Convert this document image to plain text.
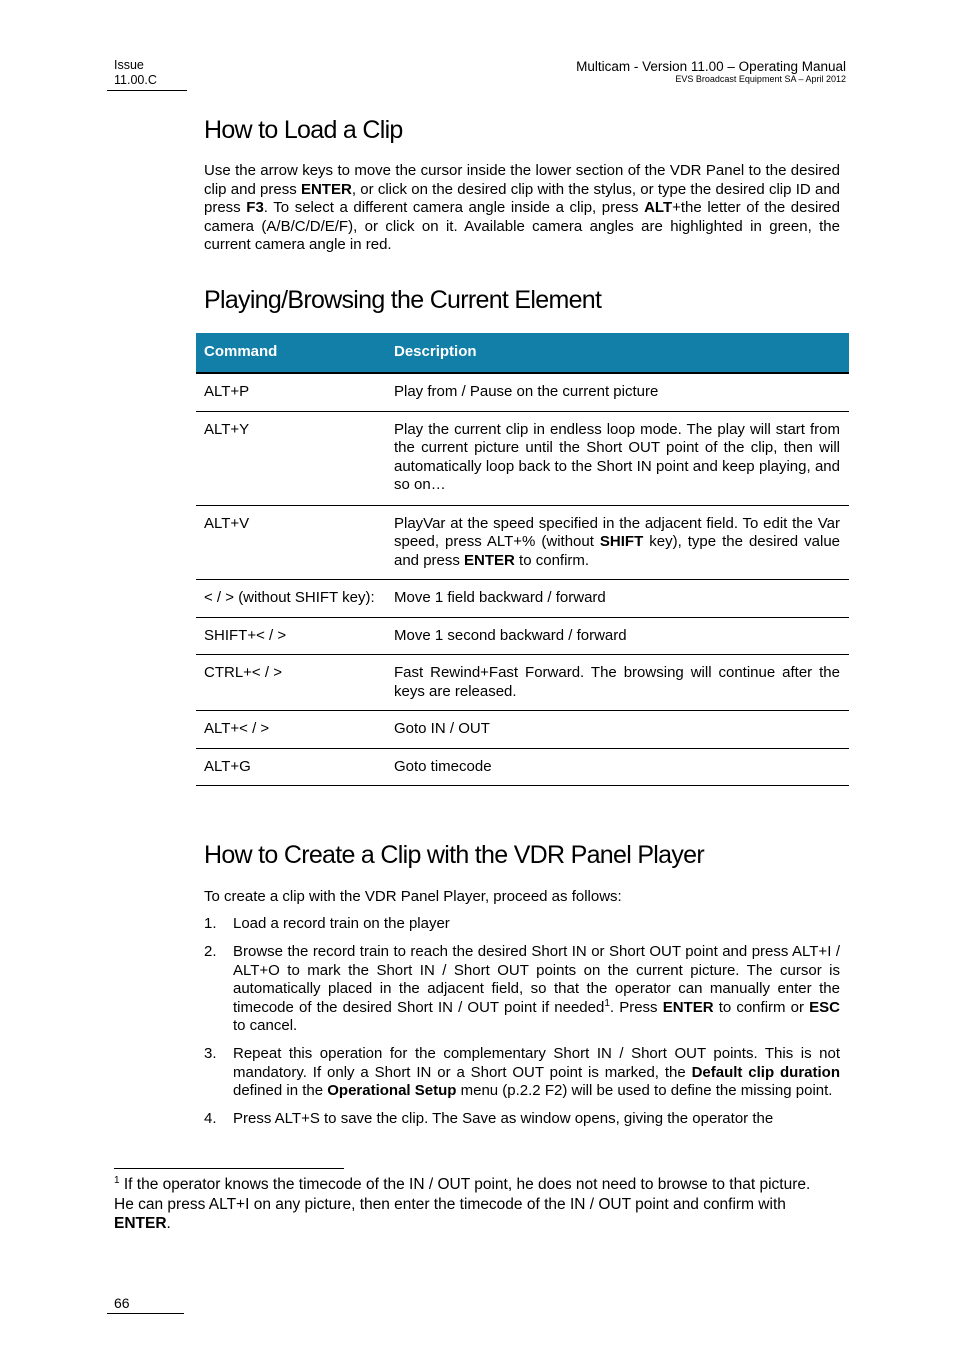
Issue
11.00.C
Multicam - Version 11.00 – Operating Manual
EVS Broadcast Equipment SA – April 2012
How to Load a Clip
Use the arrow keys to move the cursor inside the lower section of the VDR Panel to the desired clip and press ENTER, or click on the desired clip with the stylus, or type the desired clip ID and press F3. To select a different camera angle inside a clip, press ALT+the letter of the desired camera (A/B/C/D/E/F), or click on it. Available camera angles are highlighted in green, the current camera angle in red.
Playing/Browsing the Current Element
Command	Description
ALT+P	Play from / Pause on the current picture
ALT+Y	Play the current clip in endless loop mode. The play will start from the current picture until the Short OUT point of the clip, then will automatically loop back to the Short IN point and keep playing, and so on…
ALT+V	PlayVar at the speed specified in the adjacent field. To edit the Var speed, press ALT+% (without SHIFT key), type the desired value and press ENTER to confirm.
< / > (without SHIFT key):	Move 1 field backward / forward
SHIFT+< / >	Move 1 second backward / forward
CTRL+< / >	Fast Rewind+Fast Forward. The browsing will continue after the keys are released.
ALT+< / >	Goto IN / OUT
ALT+G	Goto timecode
How to Create a Clip with the VDR Panel Player
To create a clip with the VDR Panel Player, proceed as follows:
1. Load a record train on the player
2. Browse the record train to reach the desired Short IN or Short OUT point and press ALT+I / ALT+O to mark the Short IN / Short OUT points on the current picture. The cursor is automatically placed in the adjacent field, so that the operator can manually enter the timecode of the desired Short IN / OUT point if needed$^1$. Press ENTER to confirm or ESC to cancel.
3. Repeat this operation for the complementary Short IN / Short OUT points. This is not mandatory. If only a Short IN or a Short OUT point is marked, the Default clip duration defined in the Operational Setup menu (p.2.2 F2) will be used to define the missing point.
4. Press ALT+S to save the clip. The Save as window opens, giving the operator the
$^1$ If the operator knows the timecode of the IN / OUT point, he does not need to browse to that picture. He can press ALT+I on any picture, then enter the timecode of the IN / OUT point and confirm with ENTER.
66
